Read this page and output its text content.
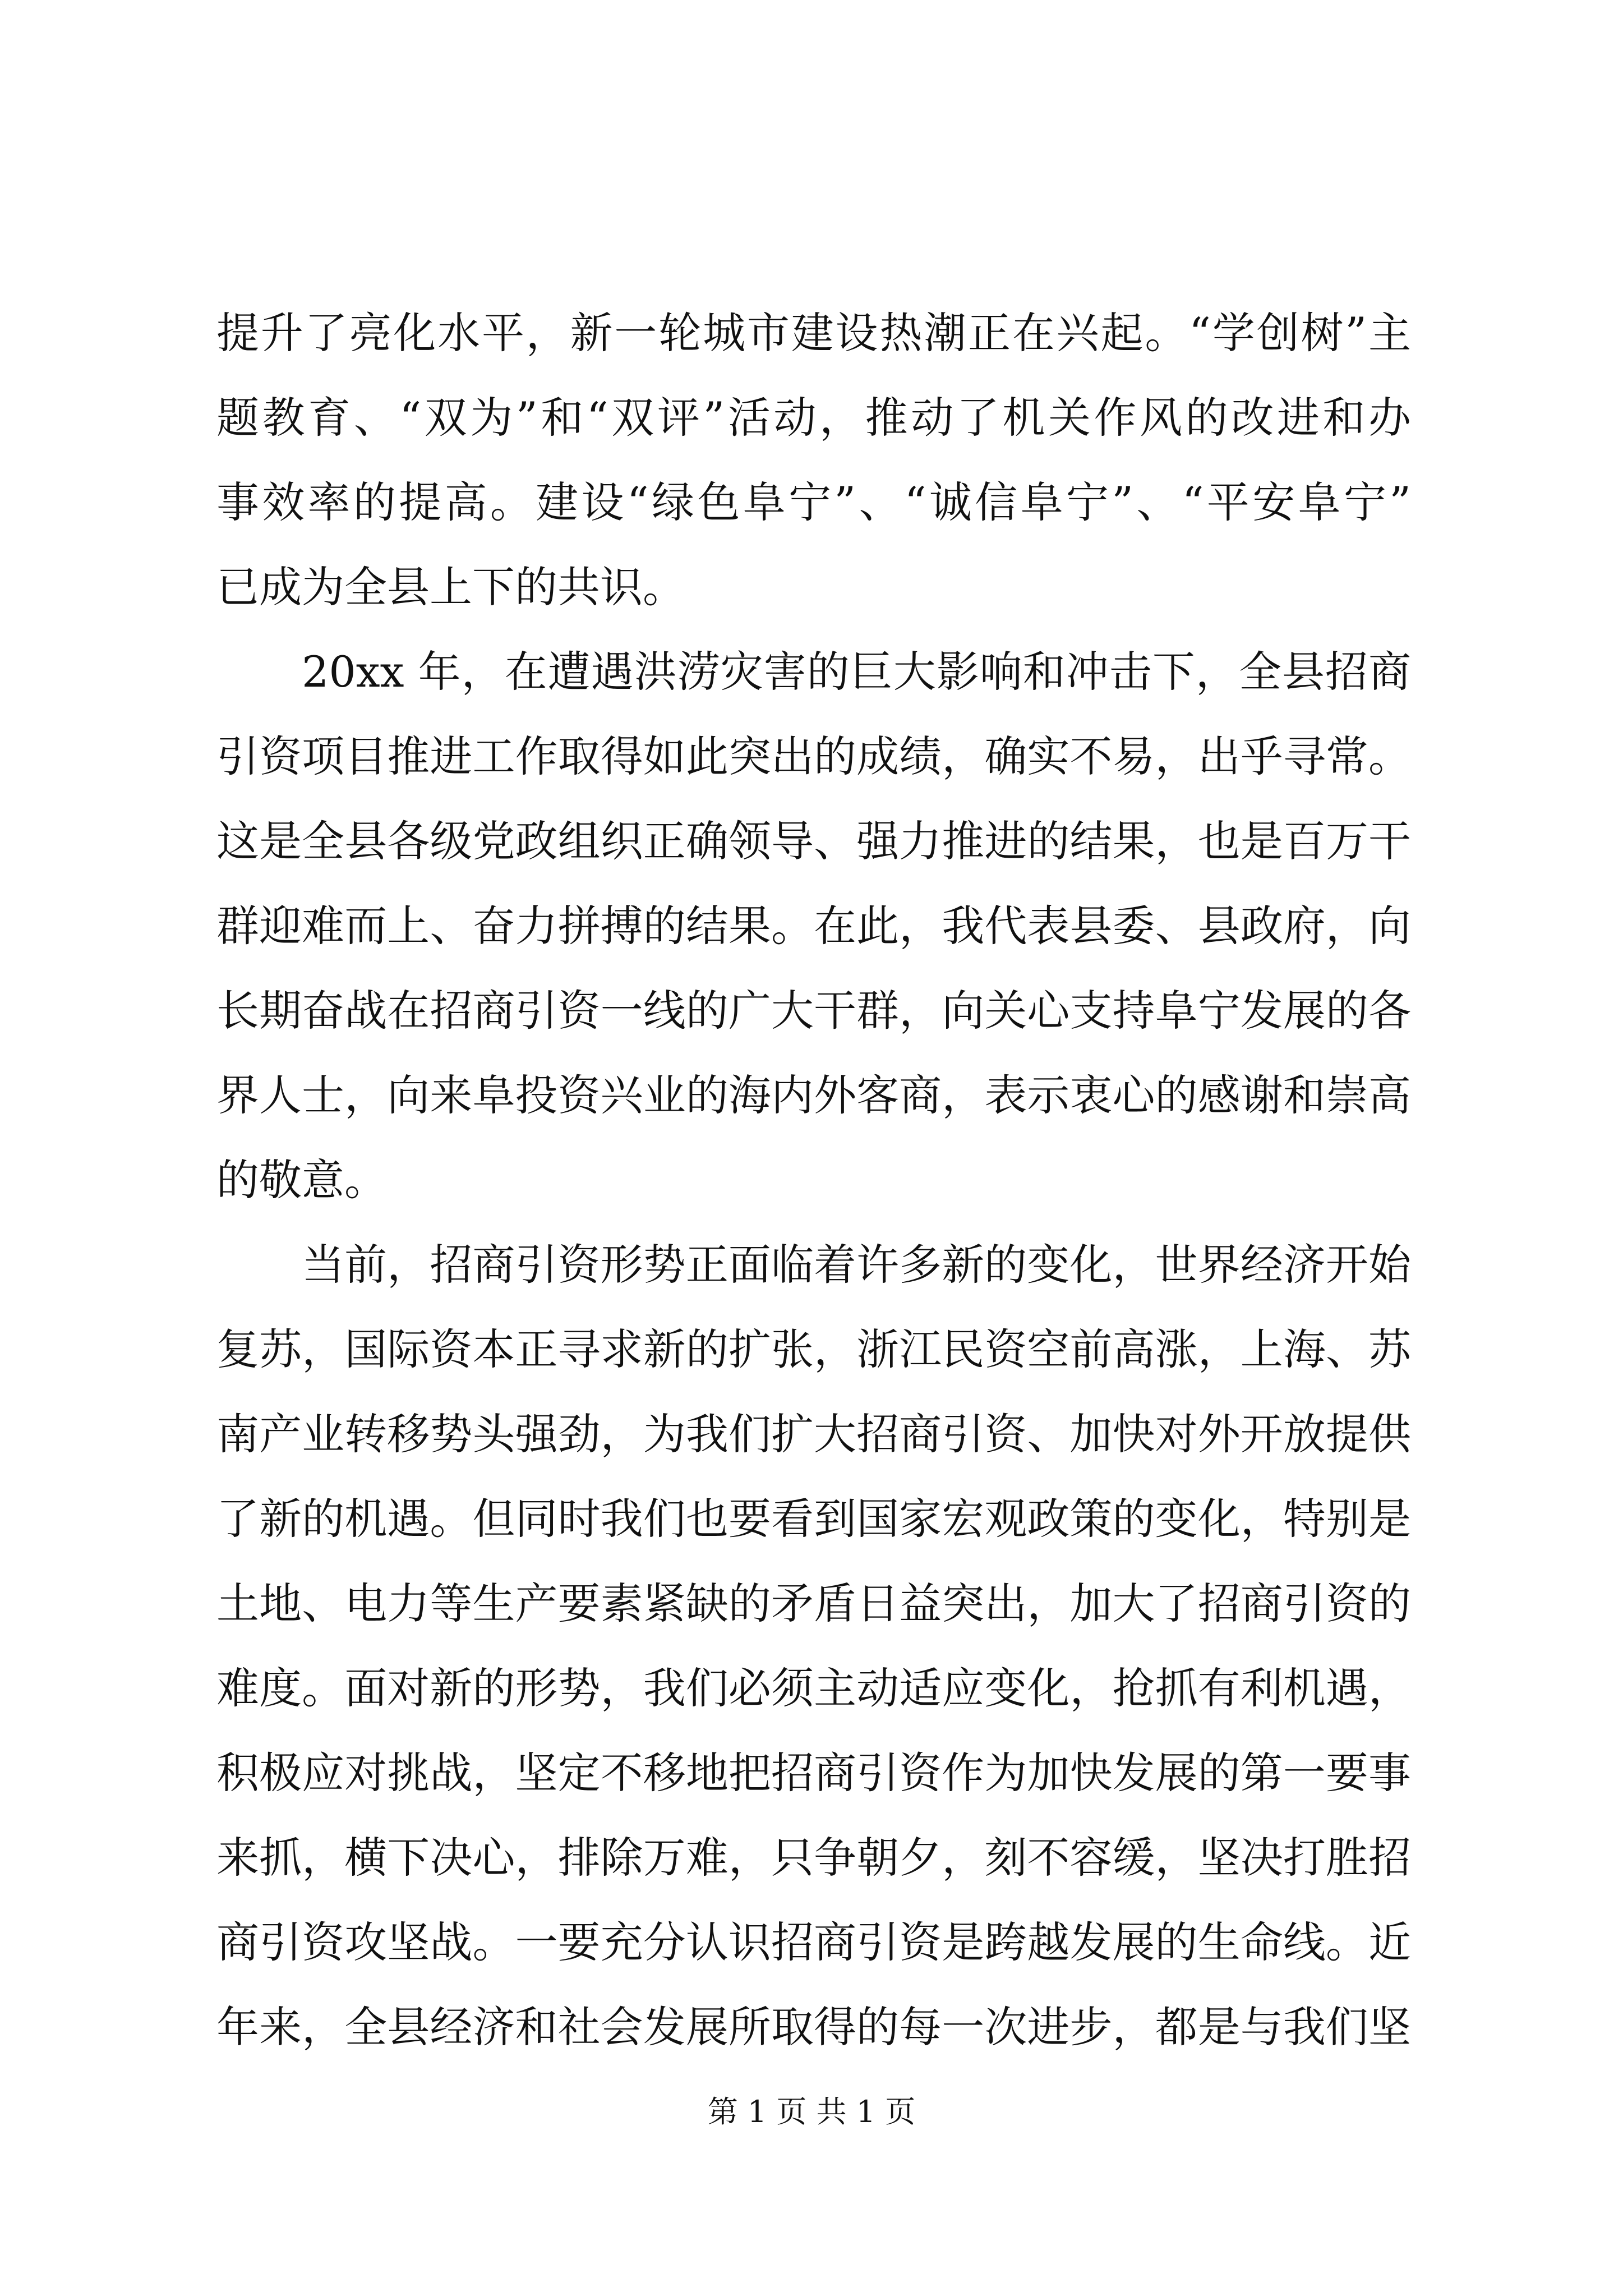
提升了亮化水平，新一轮城市建设热潮正在兴起。“学创树”主
题教育、“双为”和“双评”活动，推动了机关作风的改进和办
事效率的提高。建设“绿色阜宁”、“诚信阜宁”、“平安阜宁”
已成为全县上下的共识。
20xx 年，在遭遇洪涝灾害的巨大影响和冲击下，全县招商
引资项目推进工作取得如此突出的成绩，确实不易，出乎寻常。
这是全县各级党政组织正确领导、强力推进的结果，也是百万干
群迎难而上、奋力拼搏的结果。在此，我代表县委、县政府，向
长期奋战在招商引资一线的广大干群，向关心支持阜宁发展的各
界人士，向来阜投资兴业的海内外客商，表示衷心的感谢和崇高
的敬意。
当前，招商引资形势正面临着许多新的变化，世界经济开始
复苏，国际资本正寻求新的扩张，浙江民资空前高涨，上海、苏
南产业转移势头强劲，为我们扩大招商引资、加快对外开放提供
了新的机遇。但同时我们也要看到国家宏观政策的变化，特别是
土地、电力等生产要素紧缺的矛盾日益突出，加大了招商引资的
难度。面对新的形势，我们必须主动适应变化，抢抓有利机遇，
积极应对挑战，坚定不移地把招商引资作为加快发展的第一要事
来抓，横下决心，排除万难，只争朝夕，刻不容缓，坚决打胜招
商引资攻坚战。一要充分认识招商引资是跨越发展的生命线。近
年来，全县经济和社会发展所取得的每一次进步，都是与我们坚
第 1 页 共 1 页
